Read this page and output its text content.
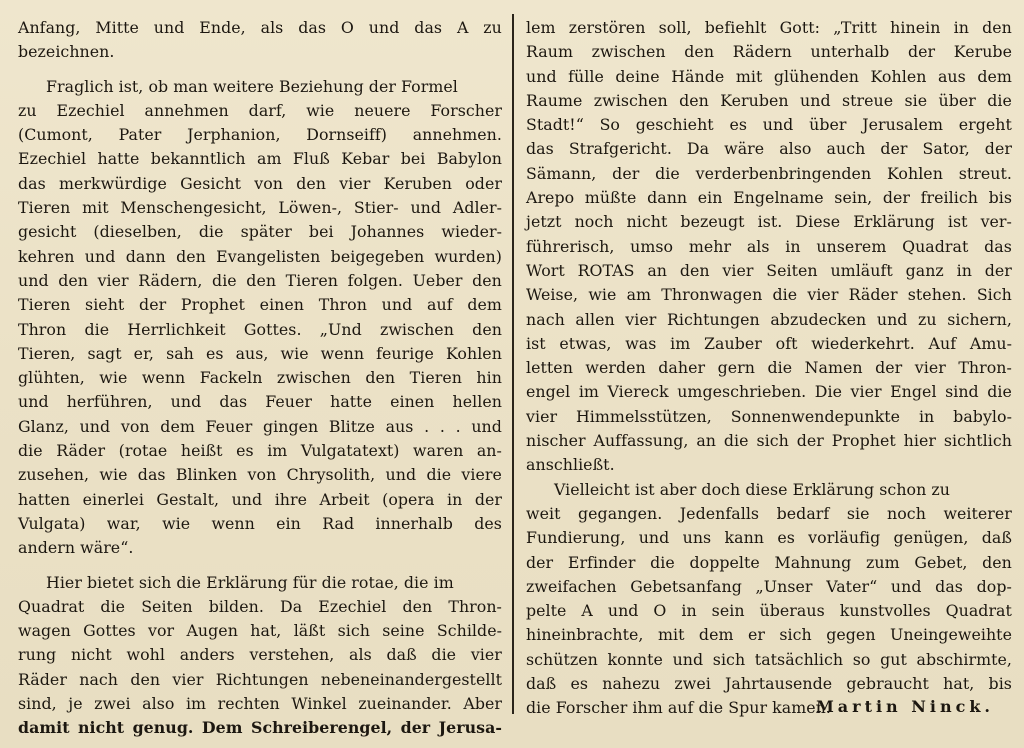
Anfang, Mitte und Ende, als das O und das A zu
bezeichnen.
Fraglich ist, ob man weitere Beziehung der Formel
zu Ezechiel annehmen darf, wie neuere Forscher
(Cumont, Pater Jerphanion, Dornseiff) annehmen.
Ezechiel hatte bekanntlich am Fluß Kebar bei Babylon
das merkwürdige Gesicht von den vier Keruben oder
Tieren mit Menschengesicht, Löwen-, Stier- und Adler-
gesicht (dieselben, die später bei Johannes wieder-
kehren und dann den Evangelisten beigegeben wurden)
und den vier Rädern, die den Tieren folgen. Ueber den
Tieren sieht der Prophet einen Thron und auf dem
Thron die Herrlichkeit Gottes. „Und zwischen den
Tieren, sagt er, sah es aus, wie wenn feurige Kohlen
glühten, wie wenn Fackeln zwischen den Tieren hin
und herführen, und das Feuer hatte einen hellen
Glanz, und von dem Feuer gingen Blitze aus . . . und
die Räder (rotae heißt es im Vulgatatext) waren an-
zusehen, wie das Blinken von Chrysolith, und die viere
hatten einerlei Gestalt, und ihre Arbeit (opera in der
Vulgata) war, wie wenn ein Rad innerhalb des
andern wäre“.
Hier bietet sich die Erklärung für die rotae, die im
Quadrat die Seiten bilden. Da Ezechiel den Thron-
wagen Gottes vor Augen hat, läßt sich seine Schilde-
rung nicht wohl anders verstehen, als daß die vier
Räder nach den vier Richtungen nebeneinandergestellt
sind, je zwei also im rechten Winkel zueinander. Aber
damit nicht genug. Dem Schreiberengel, der Jerusa-
lem zerstören soll, befiehlt Gott: „Tritt hinein in den
Raum zwischen den Rädern unterhalb der Kerube
und fülle deine Hände mit glühenden Kohlen aus dem
Raume zwischen den Keruben und streue sie über die
Stadt!“ So geschieht es und über Jerusalem ergeht
das Strafgericht. Da wäre also auch der Sator, der
Sämann, der die verderbenbringenden Kohlen streut.
Arepo müßte dann ein Engelname sein, der freilich bis
jetzt noch nicht bezeugt ist. Diese Erklärung ist ver-
führerisch, umso mehr als in unserem Quadrat das
Wort ROTAS an den vier Seiten umläuft ganz in der
Weise, wie am Thronwagen die vier Räder stehen. Sich
nach allen vier Richtungen abzudecken und zu sichern,
ist etwas, was im Zauber oft wiederkehrt. Auf Amu-
letten werden daher gern die Namen der vier Thron-
engel im Viereck umgeschrieben. Die vier Engel sind die
vier Himmelsstützen, Sonnenwendepunkte in babylo-
nischer Auffassung, an die sich der Prophet hier sichtlich
anschließt.
Vielleicht ist aber doch diese Erklärung schon zu
weit gegangen. Jedenfalls bedarf sie noch weiterer
Fundierung, und uns kann es vorläufig genügen, daß
der Erfinder die doppelte Mahnung zum Gebet, den
zweifachen Gebetsanfang „Unser Vater“ und das dop-
pelte A und O in sein überaus kunstvolles Quadrat
hineinbrachte, mit dem er sich gegen Uneingeweihte
schützen konnte und sich tatsächlich so gut abschirmte,
daß es nahezu zwei Jahrtausende gebraucht hat, bis
die Forscher ihm auf die Spur kamen.
Martin Ninck.
